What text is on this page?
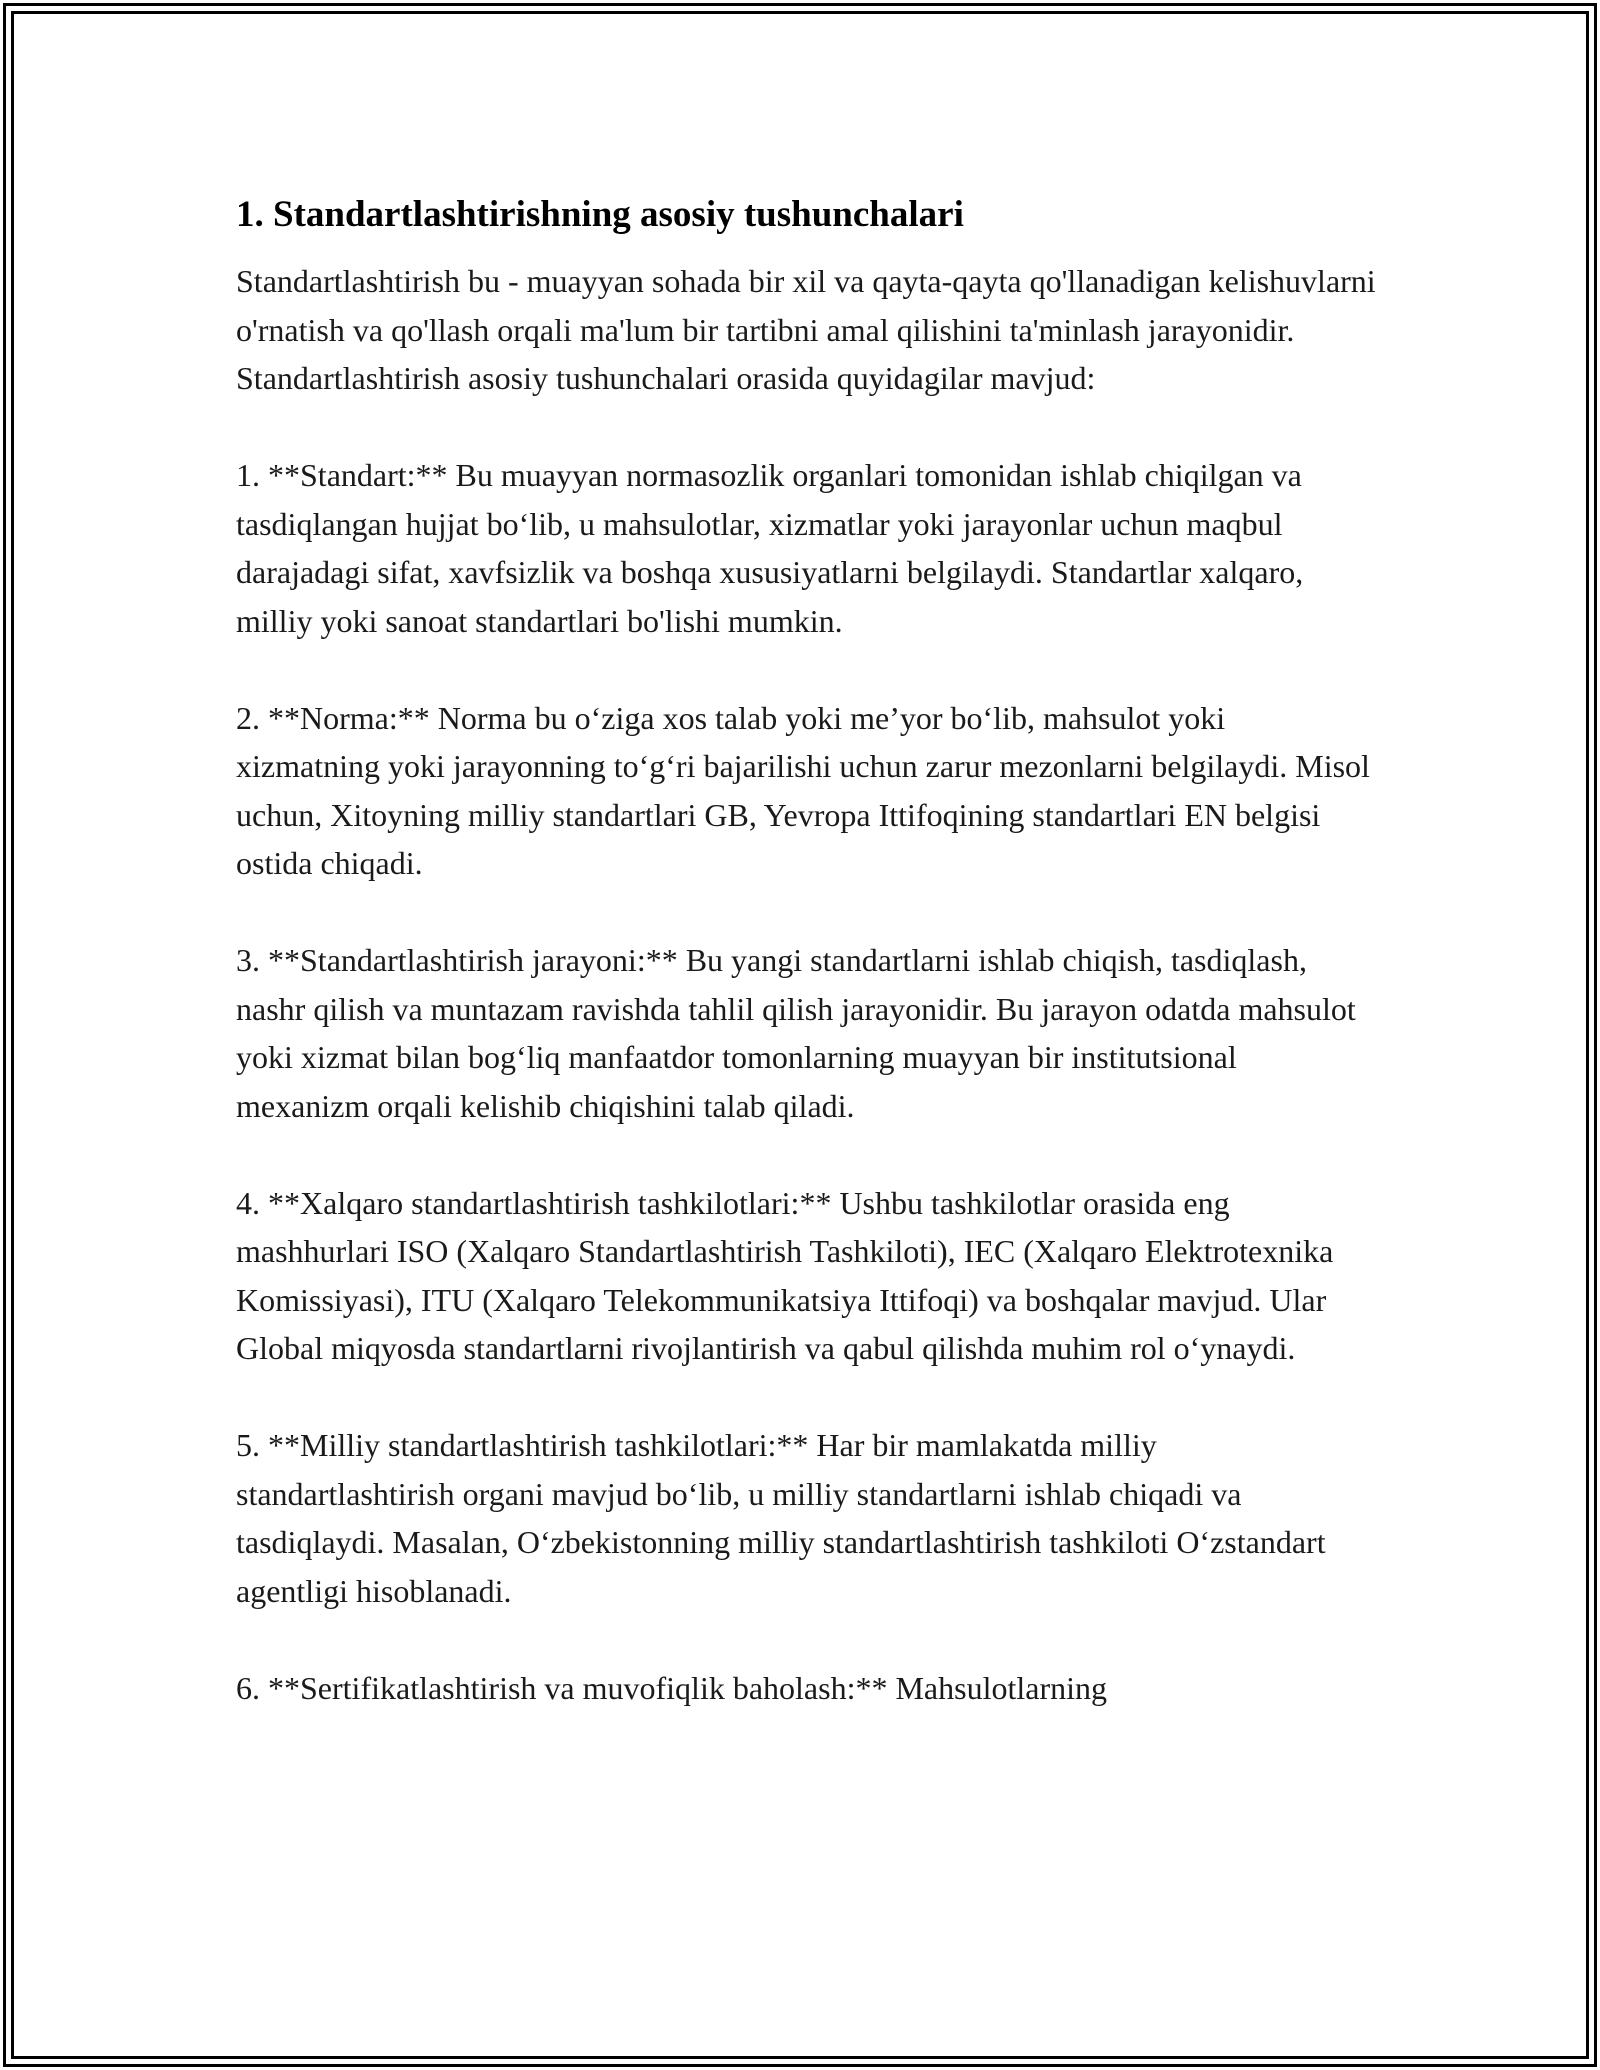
1. Standartlashtirishning asosiy tushunchalari

Standartlashtirish bu - muayyan sohada bir xil va qayta-qayta qo'llanadigan kelishuvlarni o'rnatish va qo'llash orqali ma'lum bir tartibni amal qilishini ta'minlash jarayonidir. Standartlashtirish asosiy tushunchalari orasida quyidagilar mavjud:

1. **Standart:** Bu muayyan normasozlik organlari tomonidan ishlab chiqilgan va tasdiqlangan hujjat bo‘lib, u mahsulotlar, xizmatlar yoki jarayonlar uchun maqbul darajadagi sifat, xavfsizlik va boshqa xususiyatlarni belgilaydi. Standartlar xalqaro, milliy yoki sanoat standartlari bo'lishi mumkin.

2. **Norma:** Norma bu o‘ziga xos talab yoki me’yor bo‘lib, mahsulot yoki xizmatning yoki jarayonning to‘g‘ri bajarilishi uchun zarur mezonlarni belgilaydi. Misol uchun, Xitoyning milliy standartlari GB, Yevropa Ittifoqining standartlari EN belgisi ostida chiqadi.

3. **Standartlashtirish jarayoni:** Bu yangi standartlarni ishlab chiqish, tasdiqlash, nashr qilish va muntazam ravishda tahlil qilish jarayonidir. Bu jarayon odatda mahsulot yoki xizmat bilan bog‘liq manfaatdor tomonlarning muayyan bir institutsional mexanizm orqali kelishib chiqishini talab qiladi.

4. **Xalqaro standartlashtirish tashkilotlari:** Ushbu tashkilotlar orasida eng mashhurlari ISO (Xalqaro Standartlashtirish Tashkiloti), IEC (Xalqaro Elektrotexnika Komissiyasi), ITU (Xalqaro Telekommunikatsiya Ittifoqi) va boshqalar mavjud. Ular Global miqyosda standartlarni rivojlantirish va qabul qilishda muhim rol o‘ynaydi.

5. **Milliy standartlashtirish tashkilotlari:** Har bir mamlakatda milliy standartlashtirish organi mavjud bo‘lib, u milliy standartlarni ishlab chiqadi va tasdiqlaydi. Masalan, O‘zbekistonning milliy standartlashtirish tashkiloti O‘zstandart agentligi hisoblanadi.

6. **Sertifikatlashtirish va muvofiqlik baholash:** Mahsulotlarning
